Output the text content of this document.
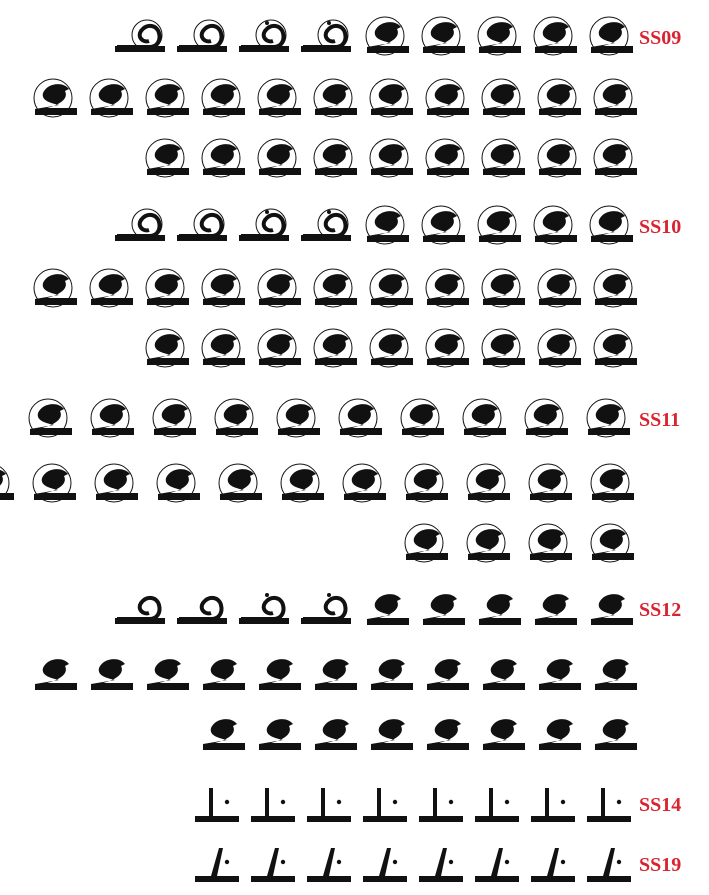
SS09
SS10
SS11
SS12
SS14
SS19
